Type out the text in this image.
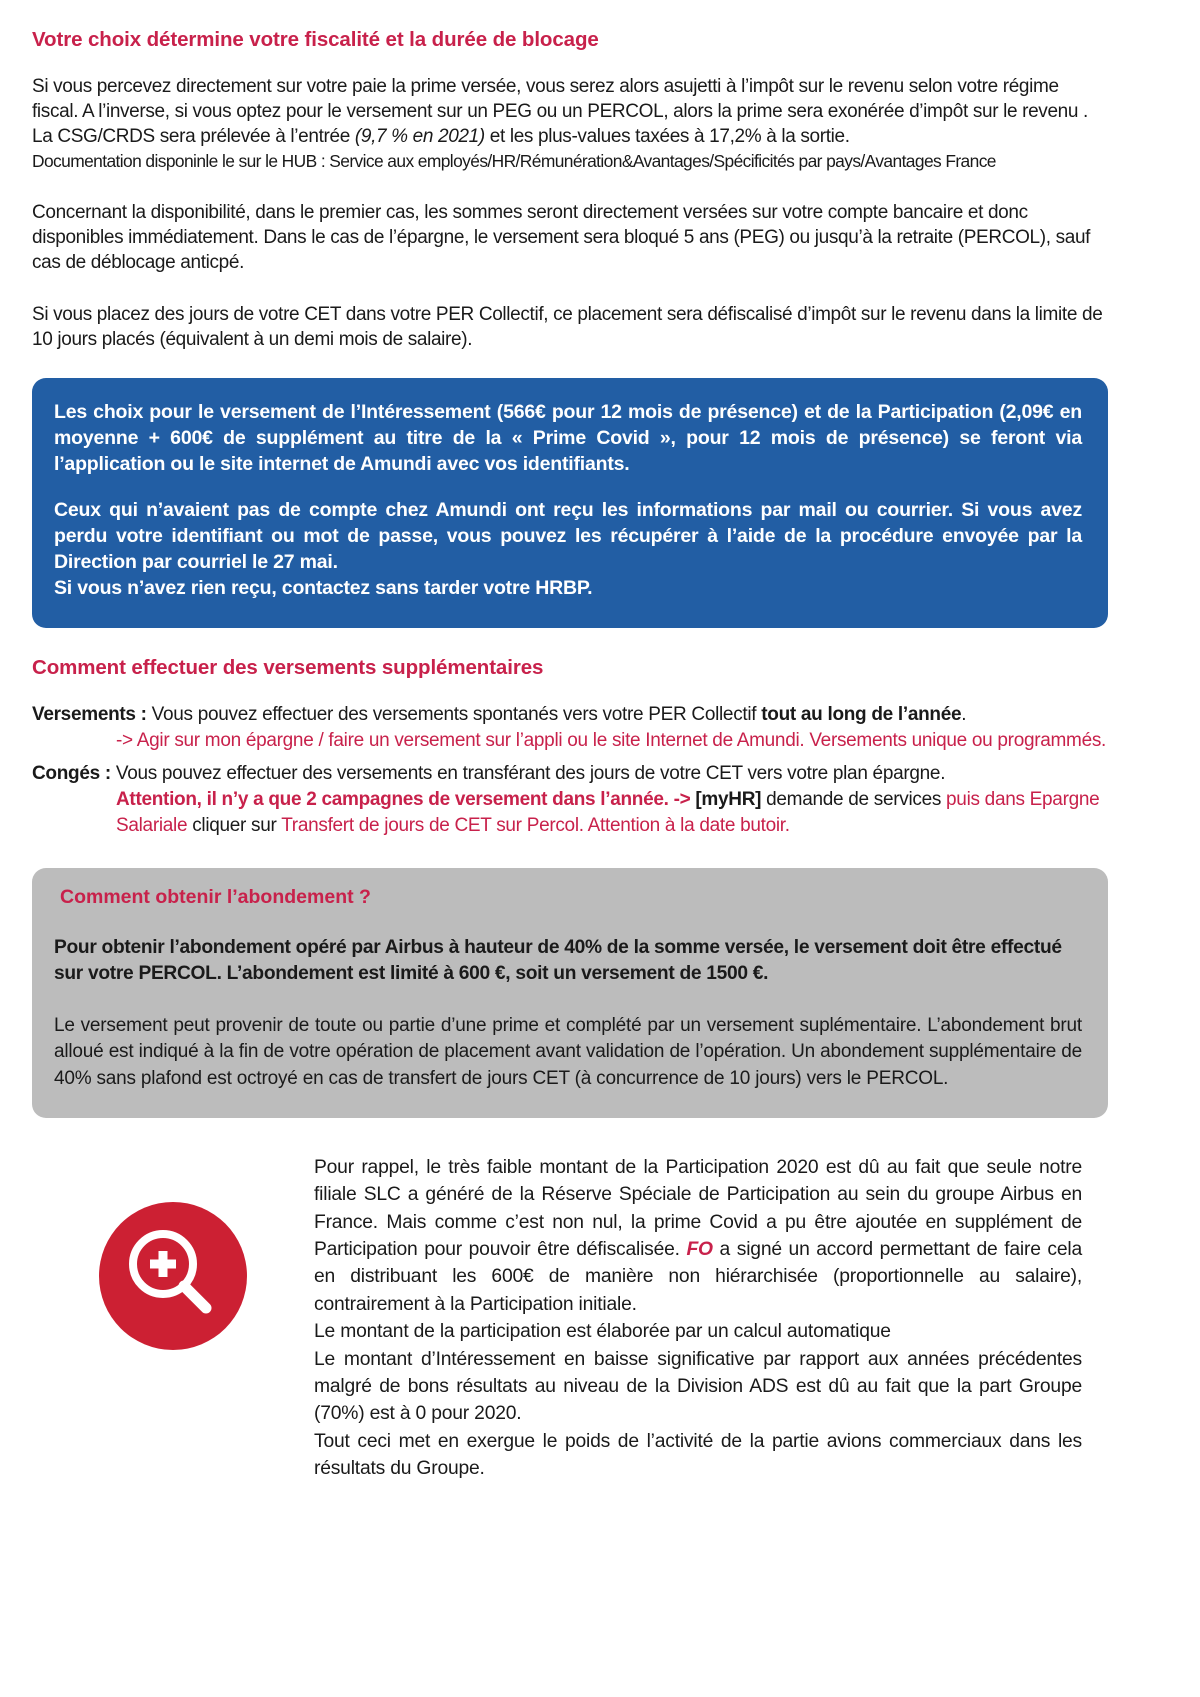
Votre choix détermine votre fiscalité et la durée de blocage

Si vous percevez directement sur votre paie la prime versée, vous serez alors asujetti à l’impôt sur le revenu selon votre régime fiscal. A l’inverse, si vous optez pour le versement sur un PEG ou un PERCOL, alors la prime sera exonérée d’impôt sur le revenu . La CSG/CRDS sera prélevée à l’entrée (9,7 % en 2021) et les plus-values taxées à 17,2% à la sortie.
Documentation disponinle le sur le HUB : Service aux employés/HR/Rémunération&Avantages/Spécificités par pays/Avantages France

Concernant la disponibilité, dans le premier cas, les sommes seront directement versées sur votre compte bancaire et donc disponibles immédiatement. Dans le cas de l’épargne, le versement sera bloqué 5 ans (PEG) ou jusqu’à la retraite (PERCOL), sauf cas de déblocage anticpé.

Si vous placez des jours de votre CET dans votre PER Collectif, ce placement sera défiscalisé d’impôt sur le revenu dans la limite de 10 jours placés (équivalent à un demi mois de salaire).

Les choix pour le versement de l’Intéressement (566€ pour 12 mois de présence) et de la Participation (2,09€ en moyenne + 600€ de supplément au titre de la « Prime Covid », pour 12 mois de présence) se feront via l’application ou le site internet de Amundi avec vos identifiants.

Ceux qui n’avaient pas de compte chez Amundi ont reçu les informations par mail ou courrier. Si vous avez perdu votre identifiant ou mot de passe, vous pouvez les récupérer à l’aide de la procédure envoyée par la Direction par courriel le 27 mai.

Si vous n’avez rien reçu, contactez sans tarder votre HRBP.

Comment effectuer des versements supplémentaires
Versements : Vous pouvez effectuer des versements spontanés vers votre PER Collectif tout au long de l’année.
-> Agir sur mon épargne / faire un versement sur l’appli ou le site Internet de Amundi. Versements unique ou programmés.
Congés : Vous pouvez effectuer des versements en transférant des jours de votre CET vers votre plan épargne.
Attention, il n’y a que 2 campagnes de versement dans l’année. -> [myHR] demande de services puis dans Epargne Salariale cliquer sur Transfert de jours de CET sur Percol. Attention à la date butoir.
Comment obtenir l’abondement ?

Pour obtenir l’abondement opéré par Airbus à hauteur de 40% de la somme versée, le versement doit être effectué sur votre PERCOL. L’abondement est limité à 600 €, soit un versement de 1500 €.

Le versement peut provenir de toute ou partie d’une prime et complété par un versement suplémentaire. L’abondement brut alloué est indiqué à la fin de votre opération de placement avant validation de l’opération. Un abondement supplémentaire de 40% sans plafond est octroyé en cas de transfert de jours CET (à concurrence de 10 jours) vers le PERCOL.

Pour rappel, le très faible montant de la Participation 2020 est dû au fait que seule notre filiale SLC a généré de la Réserve Spéciale de Participation au sein du groupe Airbus en France. Mais comme c’est non nul, la prime Covid a pu être ajoutée en supplément de Participation pour pouvoir être défiscalisée. FO a signé un accord permettant de faire cela en distribuant les 600€ de manière non hiérarchisée (proportionnelle au salaire), contrairement à la Participation initiale.

Le montant de la participation est élaborée par un calcul automatique

Le montant d’Intéressement en baisse significative par rapport aux années précédentes malgré de bons résultats au niveau de la Division ADS est dû au fait que la part Groupe (70%) est à 0 pour 2020.

Tout ceci met en exergue le poids de l’activité de la partie avions commerciaux dans les résultats du Groupe.
